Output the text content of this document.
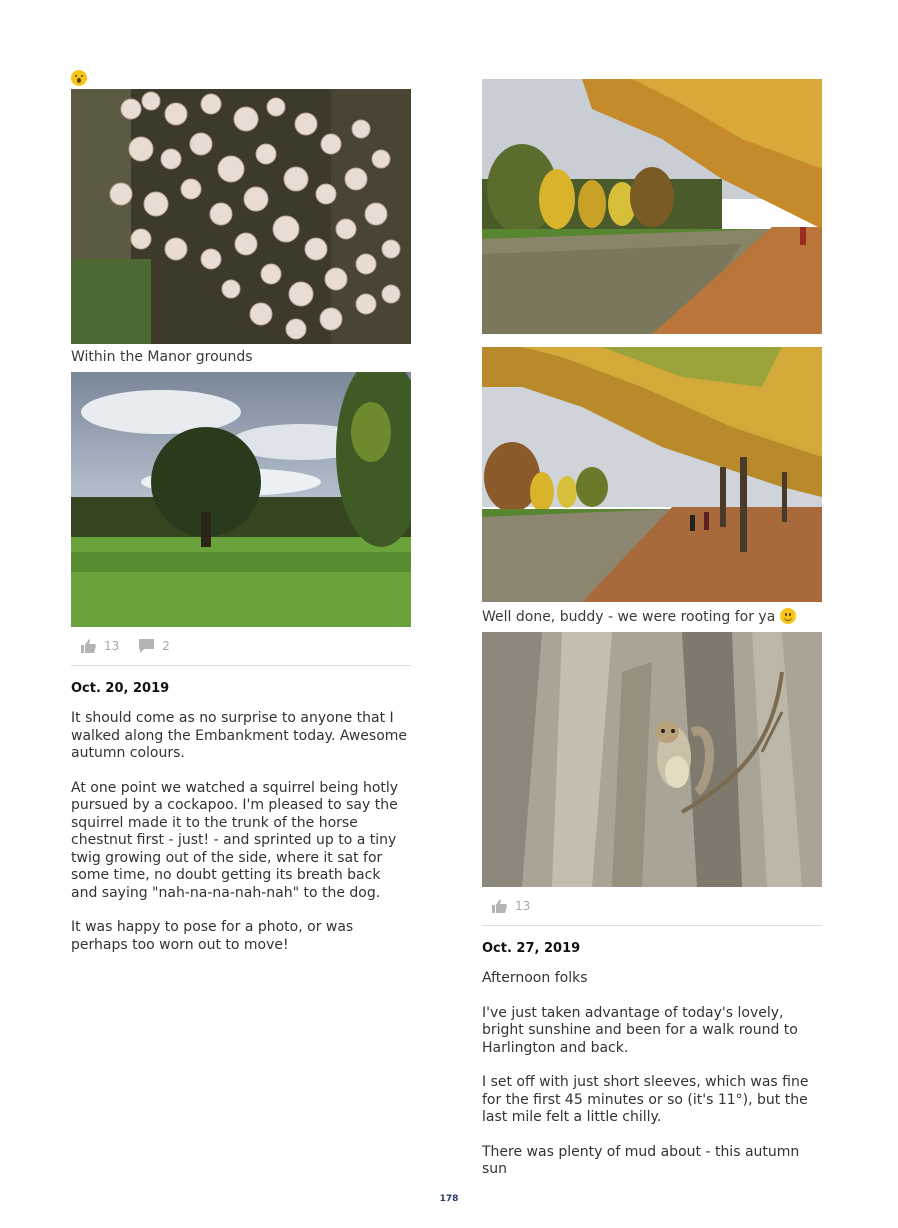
Within the Manor grounds
13	2
Oct. 20, 2019

It should come as no surprise to anyone that I walked along the Embankment today. Awesome autumn colours.

At one point we watched a squirrel being hotly pursued by a cockapoo. I'm pleased to say the squirrel made it to the trunk of the horse chestnut first - just! - and sprinted up to a tiny twig growing out of the side, where it sat for some time, no doubt getting its breath back and saying "nah-na-na-nah-nah" to the dog.

It was happy to pose for a photo, or was perhaps too worn out to move!

Well done, buddy - we were rooting for ya
13
Oct. 27, 2019

Afternoon folks

I've just taken advantage of today's lovely, bright sunshine and been for a walk round to Harlington and back.

I set off with just short sleeves, which was fine for the first 45 minutes or so (it's 11°), but the last mile felt a little chilly.

There was plenty of mud about - this autumn sun

178
